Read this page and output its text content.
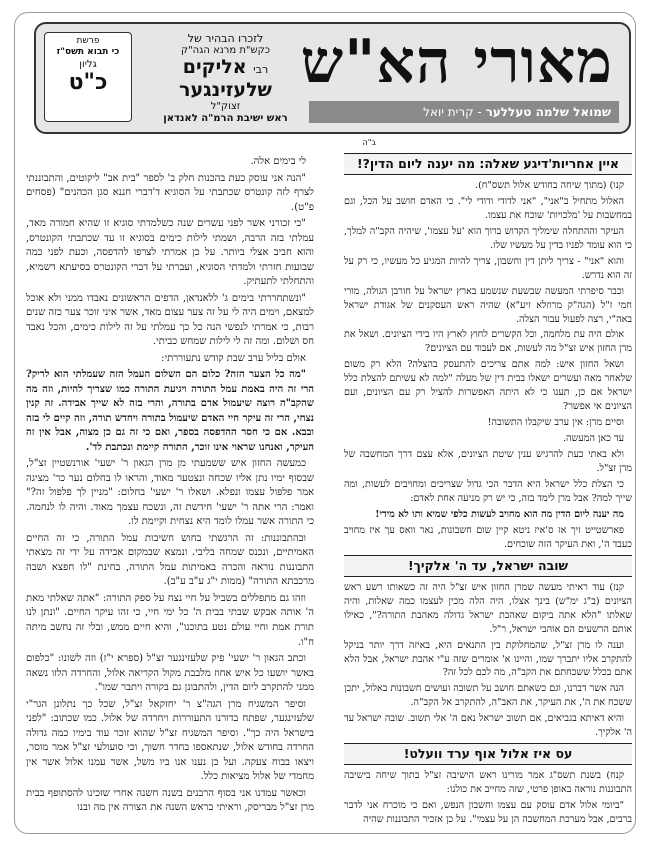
מאורי הא"ש
שמואל שלמה טעללער - קרית יואל
לזכרו הבהיר של
כקש"ת מרנא הגה"ק
רבי אליקים
שלעזינגער
זצוק"ל
ראש ישיבת הרמ"ה לאנדאן
פרשת
כי תבוא תשס"ז
גליון
כ"ט
ב"ה
איין אחריות'דיגע שאלה: מה יענה ליום הדין?!

קנו) (מתוך שיחה בחודש אלול תשס"ח).

האלול מתחיל ב"אני", "אני לדודי ודודי לי". כי האדם חושב על הכל, וגם במחשבות על 'מלכויות' שוכח את עצמו.

העיקר וההתחלה שימליך הקדוש ברוך הוא 'על עצמו', שיהיה הקב"ה למלך, כי הוא עומד לפניו בדין על מעשיו שלו.

והוא "אני" - צריך ליתן דין וחשבון, צריך להיות המגיע כל מעשיו, כי רק על זה הוא נדרש.

וכבר סיפרתי המעשה שבשעת שנשמע בארץ ישראל על חורבן הגולה, מורי חמי ז"ל (הגה"ק מרוזלא זיע"א) שהיה ראש העסקנים של אגודת ישראל באה"י, רצה לפעול עבור הצלה.

אולם היה עת מלחמה, וכל הקשרים לחוץ לארץ היו בידי הציונים. ושאל את מרן החזון איש זצ"ל מה לעשות, אם לעבוד עם הציונים?

ושאל החזון איש: למה אתם צריכים להתעסק בהצלה? הלא רק משום שלאחר מאה ועשרים ישאלו בבית דין של מעלה "למה לא עשיתם להצלת כלל ישראל אם כן, תענו כי לא היתה האפשרות להציל רק עם הציונים, ועם הציונים אי אפשר?

וסיים מרן: אין ערב שיקבלו התשובה!

עד כאן המעשה.

ולא באתי כעת להרגיש ענין שיטת הציונים, אלא עצם דרך המחשבה של מרן זצ"ל.

כי הצלת כלל ישראל היא הדבר הכי גדול שצריכים ומחויבים לעשות, ומה שייך למה? אבל מרן לימד בזה, כי יש רק מניעה אחת לאדם:

מה יענה ליום הדין מה הוא מחויב לעשות כלפי שמיא ותו לא מידי!

פארשטייט זיך אז ס'איז ניטא קיין שום חשבונות, נאר וואס עך איז מחויב כעבד ה', ואת העיקר הזה שוכחים.

שובה ישראל, עד ה' אלקיך!

קנז) עוד ראיתי מעשה שמרן החזון איש זצ"ל היה זה כשאותו רשע ראש הציונים (ב"ג ימ"ש) בינך אצלו, היה הלה מכין לעצמו כמה שאלות, והיה שאלתו "הלא אתה ביקום שאהבת ישראל גדולה מאהבת התורה?", כאילו אותם הרשעים הם אוהבי ישראל, ר"ל.

וענה לו מרן זצ"ל, שהמחלוקת בין התנאים היא, באיזה דרך יותר בניקל להתקרב אליו יתברך שמו, והיינו א' אומרים שזה ע"י אהבת ישראל, אבל הלא אתם בכלל ששכחתם את הקב"ה, מה לכם לכל זה?

הנה אשר דברנו, וגם כשאתם חושב על תשובה ועושים חשבונות באלול, יתכן ששכח את ה', את העיקר, את האב"ה, להתקרב אל הקב"ה.

והיא דאיתא בגביאים, אם תשוב ישראל נאם ה' אלי תשוב. שובה ישראל עד ה' אלקיך.

עס איז אלול אוף ערד וועלט!

קנח) בשנת תשס"ג אמר מורינו ראש הישיבה זצ"ל בתוך שיחה בישיבה התבוננות נוראה באופן פרטי, שזה מחייב את כולנו:

"ביומי אלול אדם עוסק עם עצמו וחשבון הנפש, ואם כי מוכרח אני לדבר ברבים, אבל מערכת המחשבה הן על עצמי". על כן אזכיר התבוננות שהיה

לי בימים אלה.

"הנה אני עוסק כעת בהכנות חלק ב' לספר "בית אב" ליקוטים, והתבוננתי לצרף לזה קונטרס שכתבתי על הסוגיא ד'דברי חננא סגן הכהנים" (פסחים פ"ט).

"כי זכורני אשר לפני עשרים שנה כשלמדתי סוגיא זו שהיא חמורה מאד, עמלתי בזה הרבה, ושמתי לילות כימים בסוגיא זו עד שכתבתי הקונטרס, והוא חביב אצלי ביותר. על כן אמרתי לצרפו להדפסה, וכעת לפני כמה שבועות חזרתי ולמדתי הסוגיא, ועברתי על דברי הקונטרס בסיעתא דשמיא, והתחלתי לתעתיק.

"ונשתחררתי בימים ג' ללאנדאן, הדפים הראשונים נאבדו ממני ולא אוכל למצאם, וימים היה לי על זה צער עצום מאד, אשר איני זוכר צער כזה שנים רבות, כי אמרתי לנפשי הנה כל כך עמלתי על זה לילות כימים, והכל נאבד חס ושלום. ומה זה לי לילות שמחש כביתי.

אולם בליל ערב שבת קודש נתעוררתי:

"מה כל הצער הזה? כלום הם השלום העמל הזה שעמלתי הוא לריק? הרי זה היה באמת עמל התורה ויגיעת התורה כמו שצריך להיות, וזה מה שהקב"ה רוצה שיעמול אדם בתורה, והרי בזה לא שייך אבידה. זה קנין נצחי, הרי זה עיקר חיי האדם שיעמול בתורה ויחדש תורה, וזה קיים לי בזה ובבא. אם כי חסר ההדפסה בספר, ואם כי זה גם כן מצוה, אבל אין זה העיקר, ואנחנו שראוי אינו זוכר, התורה קיימת ונכתבת לד'.

כמעשה החזון איש ששמעתי מן מרן הגאון ר' ישעי' אורנשטיין זצ"ל, שבסוף ימיו נתן אליו שכחה ונצטער מאוד, והראו לו בחלום נער כר' מציגה אמר פלפול עצמו ונפלא. ושאלו ר' ישעי' בחלום: "מניין לך פלפול זה?" ואמר: הרי אתה ר' ישעי' חידשת זה, ונשכח עצמך מאוד. והיה לו לנחמה. כי התורה אשר עמלו לומד היא נצחית וקיימת לו.

ובהתבוננות: זה הרגשתי בחוש חשיבות עמל התורה, כי זה החיים האמיתיים, ונכנס שמחה בליבי. ונמצא שבמקום אבידה על ידי זה מצאתי התבוננות נוראה והכרה באמיתות עמל התורה, בחינת "לו חפצא ושבה מרכבתא התורה" (ממות י"ג ע"ב ע"ב).

וזהו גם מתפללים בשביל על חיי נצח על ספק התורה: "אתה שאלתי מאת ה' אותה אבקש שבתי בבית ה' כל ימי חיי, כי זהו עיקר החיים. "ונתן לנו תורת אמת וחיי עולם נטע בתוכנו", והיא חיים ממש, ובלי זה נחשב מיתה ח"ו.

וכתב הגאון ר' ישעי' פיק שלעזינגער זצ"ל (ספרא י"ז) וזה לשונו: "כלפום באשר יושעו כל איש אחוז מלבבת מקול הקריאה אלול, והחרדה הלזו נשאה ממני להתקרב ליום הדין, ולהתבונן גם בקורה ויתבר שמו".

וסיפר המשגיח מרן הגה"צ ר' יחזקאל זצ"ל, שכל כך נתלונן הגר"י שלעזינגער, שפתח בדורנו התעוררות ויחרדה של אלול. כמו שכתוב: "לפני בישראל היה כך". וסיפר המשגיח זצ"ל שהוא זוכר עוד בימיו כמה גדולה החרדה בחודש אלול, שנתאספו בחדר חשוך, וכי סועולעי זצ"ל אמר מוסר, ויצאו בבוח צעקה. ועל כן נענו אנו ביו משל, אשר עמנו אלול אשר אין מחמדי של אלול מציאות כלל.

וכאשר עמדנו אני בסוף הרבנים בשנה חשנה אחרי שזכינו להסתופף בבית מרן זצ"ל מבריסק, וראיתי בראש השנה את הצורה אין מה ובנו
